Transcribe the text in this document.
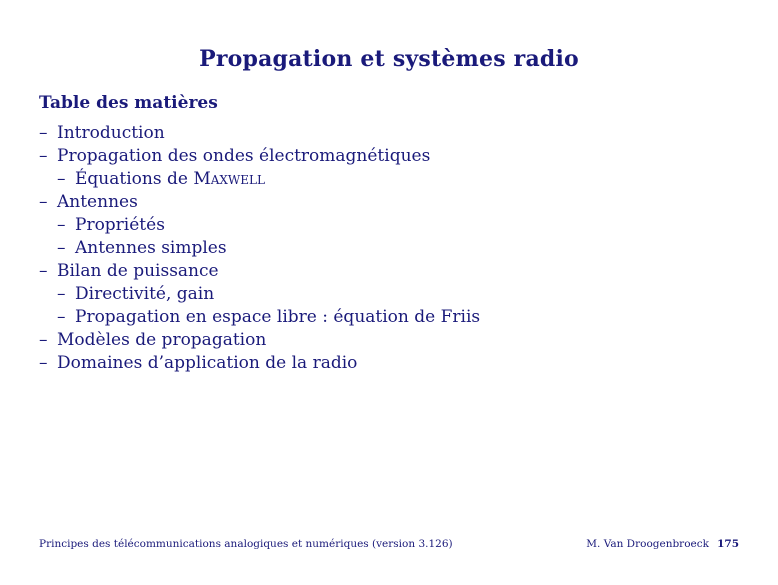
Propagation et systèmes radio
Table des matières
– Introduction
– Propagation des ondes électromagnétiques
– Équations de Maxwell
– Antennes
– Propriétés
– Antennes simples
– Bilan de puissance
– Directivité, gain
– Propagation en espace libre : équation de Friis
– Modèles de propagation
– Domaines d’application de la radio
Principes des télécommunications analogiques et numériques (version 3.126)	M. Van Droogenbroeck 175
